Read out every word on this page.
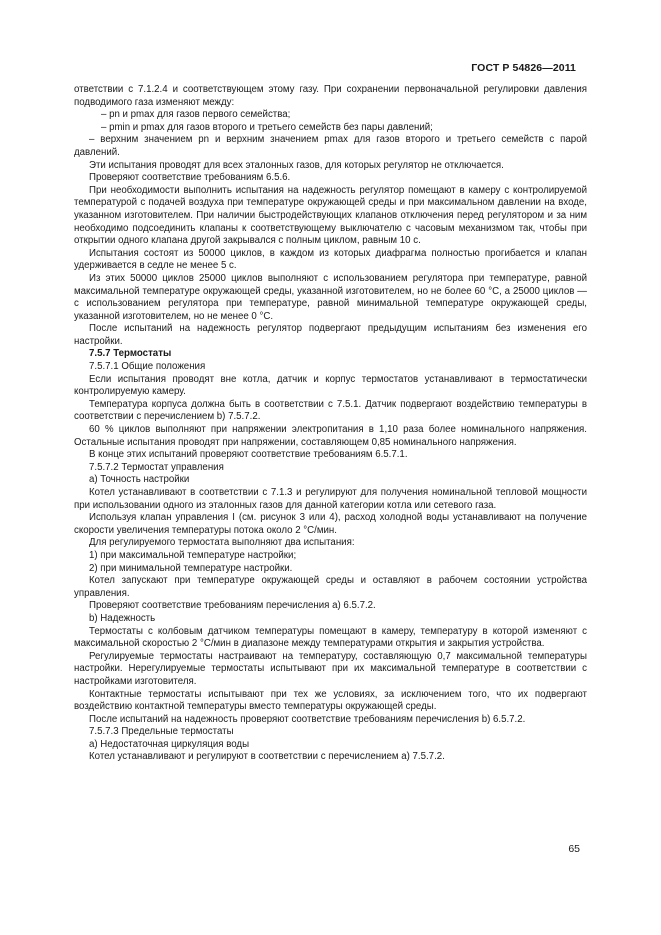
ГОСТ Р 54826—2011

ответствии с 7.1.2.4 и соответствующем этому газу. При сохранении первоначальной регулировки давления подводимого газа изменяют между:

– pn и pmax для газов первого семейства;

– pmin и pmax для газов второго и третьего семейств без пары давлений;

– верхним значением pn и верхним значением pmax для газов второго и третьего семейств с парой давлений.

Эти испытания проводят для всех эталонных газов, для которых регулятор не отключается.

Проверяют соответствие требованиям 6.5.6.

При необходимости выполнить испытания на надежность регулятор помещают в камеру с контролируемой температурой с подачей воздуха при температуре окружающей среды и при максимальном давлении на входе, указанном изготовителем. При наличии быстродействующих клапанов отключения перед регулятором и за ним необходимо подсоединить клапаны к соответствующему выключателю с часовым механизмом так, чтобы при открытии одного клапана другой закрывался с полным циклом, равным 10 с.

Испытания состоят из 50000 циклов, в каждом из которых диафрагма полностью прогибается и клапан удерживается в седле не менее 5 с.

Из этих 50000 циклов 25000 циклов выполняют с использованием регулятора при температуре, равной максимальной температуре окружающей среды, указанной изготовителем, но не более 60 °С, а 25000 циклов — с использованием регулятора при температуре, равной минимальной температуре окружающей среды, указанной изготовителем, но не менее 0 °С.

После испытаний на надежность регулятор подвергают предыдущим испытаниям без изменения его настройки.

7.5.7 Термостаты

7.5.7.1 Общие положения

Если испытания проводят вне котла, датчик и корпус термостатов устанавливают в термостатически контролируемую камеру.

Температура корпуса должна быть в соответствии с 7.5.1. Датчик подвергают воздействию температуры в соответствии с перечислением b) 7.5.7.2.

60 % циклов выполняют при напряжении электропитания в 1,10 раза более номинального напряжения. Остальные испытания проводят при напряжении, составляющем 0,85 номинального напряжения.

В конце этих испытаний проверяют соответствие требованиям 6.5.7.1.

7.5.7.2 Термостат управления

а) Точность настройки

Котел устанавливают в соответствии с 7.1.3 и регулируют для получения номинальной тепловой мощности при использовании одного из эталонных газов для данной категории котла или сетевого газа.

Используя клапан управления I (см. рисунок 3 или 4), расход холодной воды устанавливают на получение скорости увеличения температуры потока около 2 °С/мин.

Для регулируемого термостата выполняют два испытания:

1) при максимальной температуре настройки;

2) при минимальной температуре настройки.

Котел запускают при температуре окружающей среды и оставляют в рабочем состоянии устройства управления.

Проверяют соответствие требованиям перечисления а) 6.5.7.2.

b) Надежность

Термостаты с колбовым датчиком температуры помещают в камеру, температуру в которой изменяют с максимальной скоростью 2 °С/мин в диапазоне между температурами открытия и закрытия устройства.

Регулируемые термостаты настраивают на температуру, составляющую 0,7 максимальной температуры настройки. Нерегулируемые термостаты испытывают при их максимальной температуре в соответствии с настройками изготовителя.

Контактные термостаты испытывают при тех же условиях, за исключением того, что их подвергают воздействию контактной температуры вместо температуры окружающей среды.

После испытаний на надежность проверяют соответствие требованиям перечисления b) 6.5.7.2.

7.5.7.3 Предельные термостаты

а) Недостаточная циркуляция воды

Котел устанавливают и регулируют в соответствии с перечислением а) 7.5.7.2.

65
